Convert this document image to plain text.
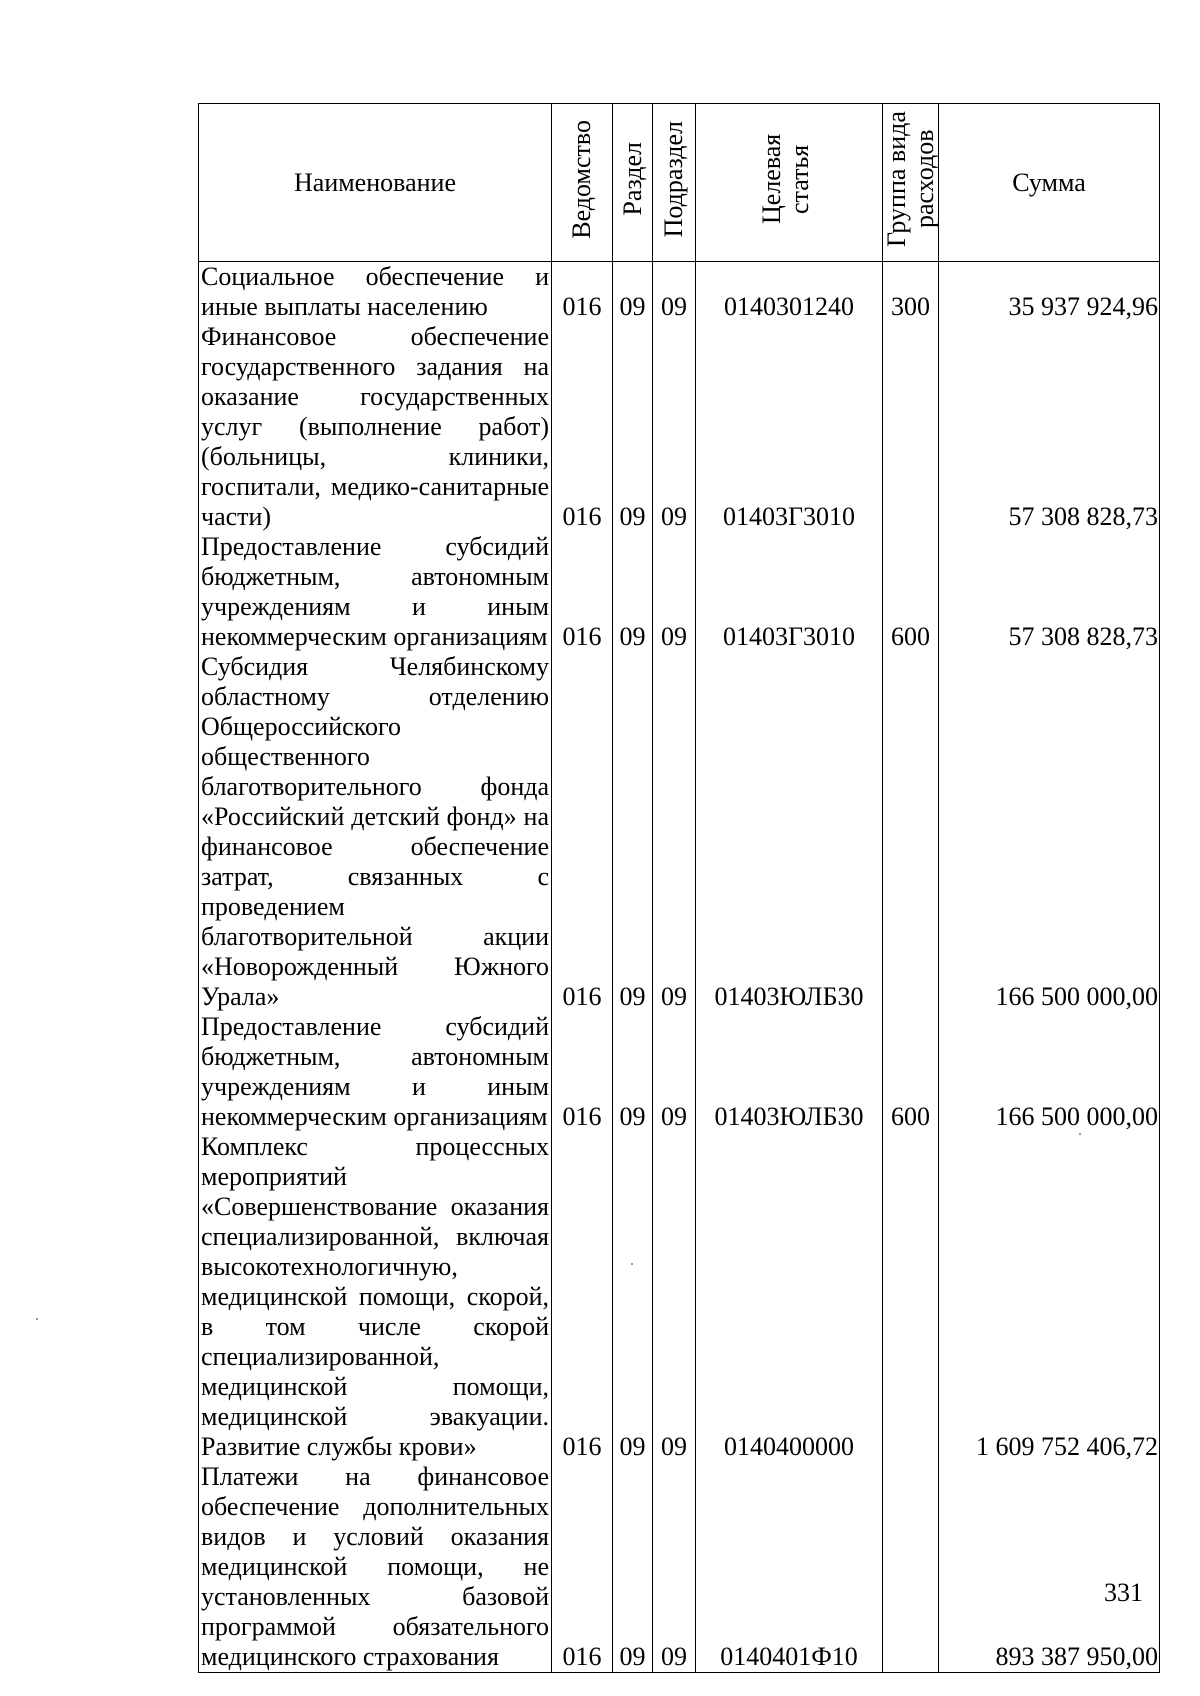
Наименование	Ведомство	Раздел	Подраздел	Целевая статья	Группа вида расходов	Сумма
Социальное обеспечение и иные выплаты населению	016	09	09	0140301240	300	35 937 924,96
Финансовое обеспечение государственного задания на оказание государственных услуг (выполнение работ) (больницы, клиники, госпитали, медико-санитарные части)	016	09	09	01403Г3010		57 308 828,73
Предоставление субсидий бюджетным, автономным учреждениям и иным некоммерческим организациям	016	09	09	01403Г3010	600	57 308 828,73
Субсидия Челябинскому областному отделению Общероссийского общественного благотворительного фонда «Российский детский фонд» на финансовое обеспечение затрат, связанных с проведением благотворительной акции «Новорожденный Южного Урала»	016	09	09	01403ЮЛБ30		166 500 000,00
Предоставление субсидий бюджетным, автономным учреждениям и иным некоммерческим организациям	016	09	09	01403ЮЛБ30	600	166 500 000,00
Комплекс процессных мероприятий «Совершенствование оказания специализированной, включая высокотехнологичную, медицинской помощи, скорой, в том числе скорой специализированной, медицинской помощи, медицинской эвакуации. Развитие службы крови»	016	09	09	0140400000		1 609 752 406,72
Платежи на финансовое обеспечение дополнительных видов и условий оказания медицинской помощи, не установленных базовой программой обязательного медицинского страхования	016	09	09	0140401Ф10		893 387 950,00
331
